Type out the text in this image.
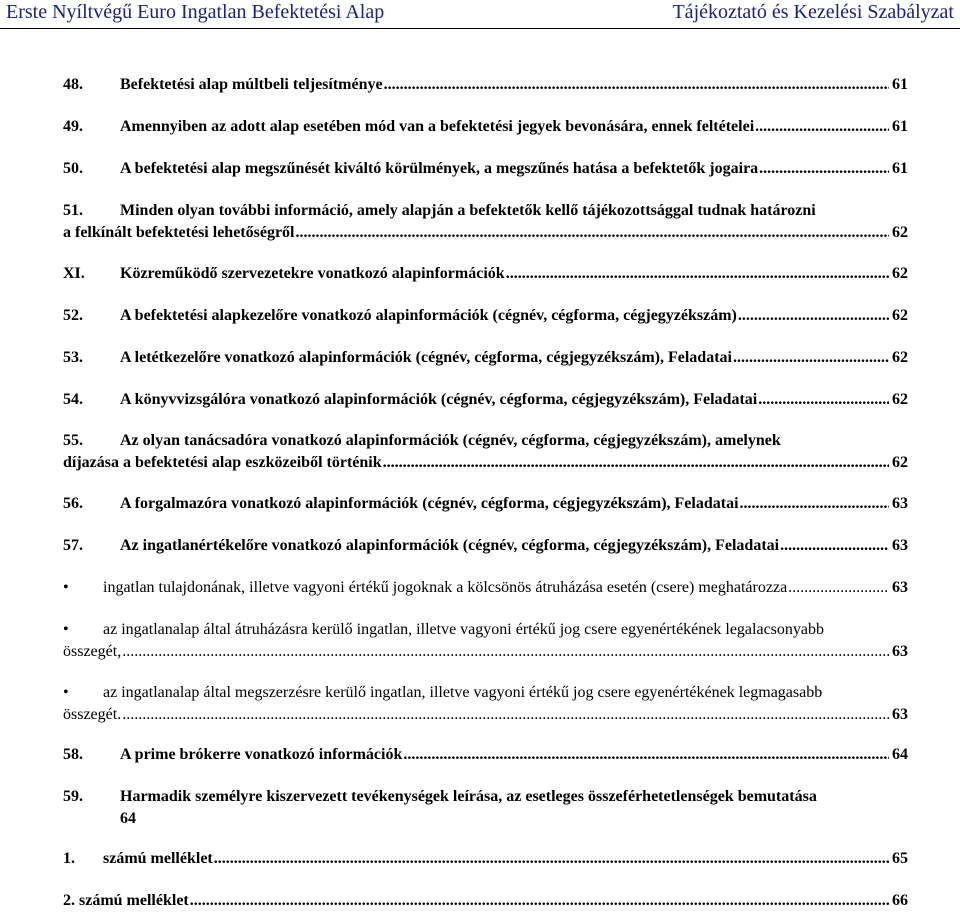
Erste Nyíltvégű Euro Ingatlan Befektetési Alap	Tájékoztató és Kezelési Szabályzat
48.	Befektetési alap múltbeli teljesítménye .....	61
49.	Amennyiben az adott alap esetében mód van a befektetési jegyek bevonására, ennek feltételei .....	61
50.	A befektetési alap megszűnését kiváltó körülmények, a megszűnés hatása a befektetők jogaira .....	61
51. Minden olyan további információ, amely alapján a befektetők kellő tájékozottsággal tudnak határozni
a felkínált befektetési lehetőségről .....	62
XI.	Közreműködő szervezetekre vonatkozó alapinformációk .....	62
52.	A befektetési alapkezelőre vonatkozó alapinformációk (cégnév, cégforma, cégjegyzékszám) .....	62
53.	A letétkezelőre vonatkozó alapinformációk (cégnév, cégforma, cégjegyzékszám), Feladatai .....	62
54.	A könyvvizsgálóra vonatkozó alapinformációk (cégnév, cégforma, cégjegyzékszám), Feladatai .....	62
55. Az olyan tanácsadóra vonatkozó alapinformációk (cégnév, cégforma, cégjegyzékszám), amelynek
díjazása a befektetési alap eszközeiből történik .....	62
56.	A forgalmazóra vonatkozó alapinformációk (cégnév, cégforma, cégjegyzékszám), Feladatai .....	63
57.	Az ingatlanértékelőre vonatkozó alapinformációk (cégnév, cégforma, cégjegyzékszám), Feladatai .....	63
•	ingatlan tulajdonának, illetve vagyoni értékű jogoknak a kölcsönös átruházása esetén (csere) meghatározza .....	63
• az ingatlanalap által átruházásra kerülő ingatlan, illetve vagyoni értékű jog csere egyenértékének legalacsonyabb
összegét, .....	63
• az ingatlanalap által megszerzésre kerülő ingatlan, illetve vagyoni értékű jog csere egyenértékének legmagasabb
összegét. .....	63
58.	A prime brókerre vonatkozó információk .....	64
59. Harmadik személyre kiszervezett tevékenységek leírása, az esetleges összeférhetetlenségek bemutatása
64
1.	számú melléklet .....	65
2. számú melléklet .....	66
